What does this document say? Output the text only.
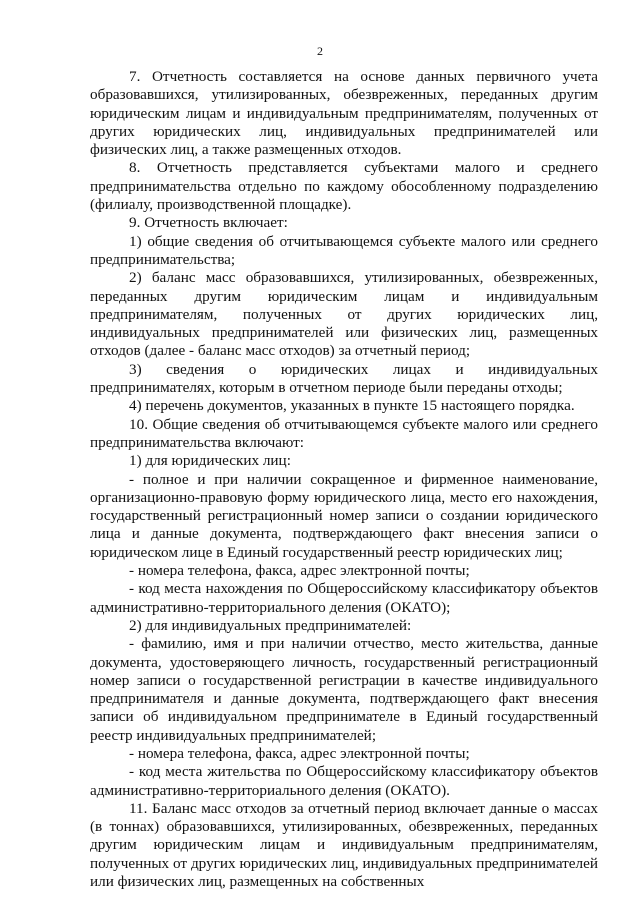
2

7. Отчетность составляется на основе данных первичного учета образовавшихся, утилизированных, обезвреженных, переданных другим юридическим лицам и индивидуальным предпринимателям, полученных от других юридических лиц, индивидуальных предпринимателей или физических лиц, а также размещенных отходов.

8. Отчетность представляется субъектами малого и среднего предпринимательства отдельно по каждому обособленному подразделению (филиалу, производственной площадке).

9. Отчетность включает:

1) общие сведения об отчитывающемся субъекте малого или среднего предпринимательства;

2) баланс масс образовавшихся, утилизированных, обезвреженных, переданных другим юридическим лицам и индивидуальным предпринимателям, полученных от других юридических лиц, индивидуальных предпринимателей или физических лиц, размещенных отходов (далее - баланс масс отходов) за отчетный период;

3) сведения о юридических лицах и индивидуальных предпринимателях, которым в отчетном периоде были переданы отходы;

4) перечень документов, указанных в пункте 15 настоящего порядка.

10. Общие сведения об отчитывающемся субъекте малого или среднего предпринимательства включают:

1) для юридических лиц:

- полное и при наличии сокращенное и фирменное наименование, организационно-правовую форму юридического лица, место его нахождения, государственный регистрационный номер записи о создании юридического лица и данные документа, подтверждающего факт внесения записи о юридическом лице в Единый государственный реестр юридических лиц;

- номера телефона, факса, адрес электронной почты;

- код места нахождения по Общероссийскому классификатору объектов административно-территориального деления (ОКАТО);

2) для индивидуальных предпринимателей:

- фамилию, имя и при наличии отчество, место жительства, данные документа, удостоверяющего личность, государственный регистрационный номер записи о государственной регистрации в качестве индивидуального предпринимателя и данные документа, подтверждающего факт внесения записи об индивидуальном предпринимателе в Единый государственный реестр индивидуальных предпринимателей;

- номера телефона, факса, адрес электронной почты;

- код места жительства по Общероссийскому классификатору объектов административно-территориального деления (ОКАТО).

11. Баланс масс отходов за отчетный период включает данные о массах (в тоннах) образовавшихся, утилизированных, обезвреженных, переданных другим юридическим лицам и индивидуальным предпринимателям, полученных от других юридических лиц, индивидуальных предпринимателей или физических лиц, размещенных на собственных
